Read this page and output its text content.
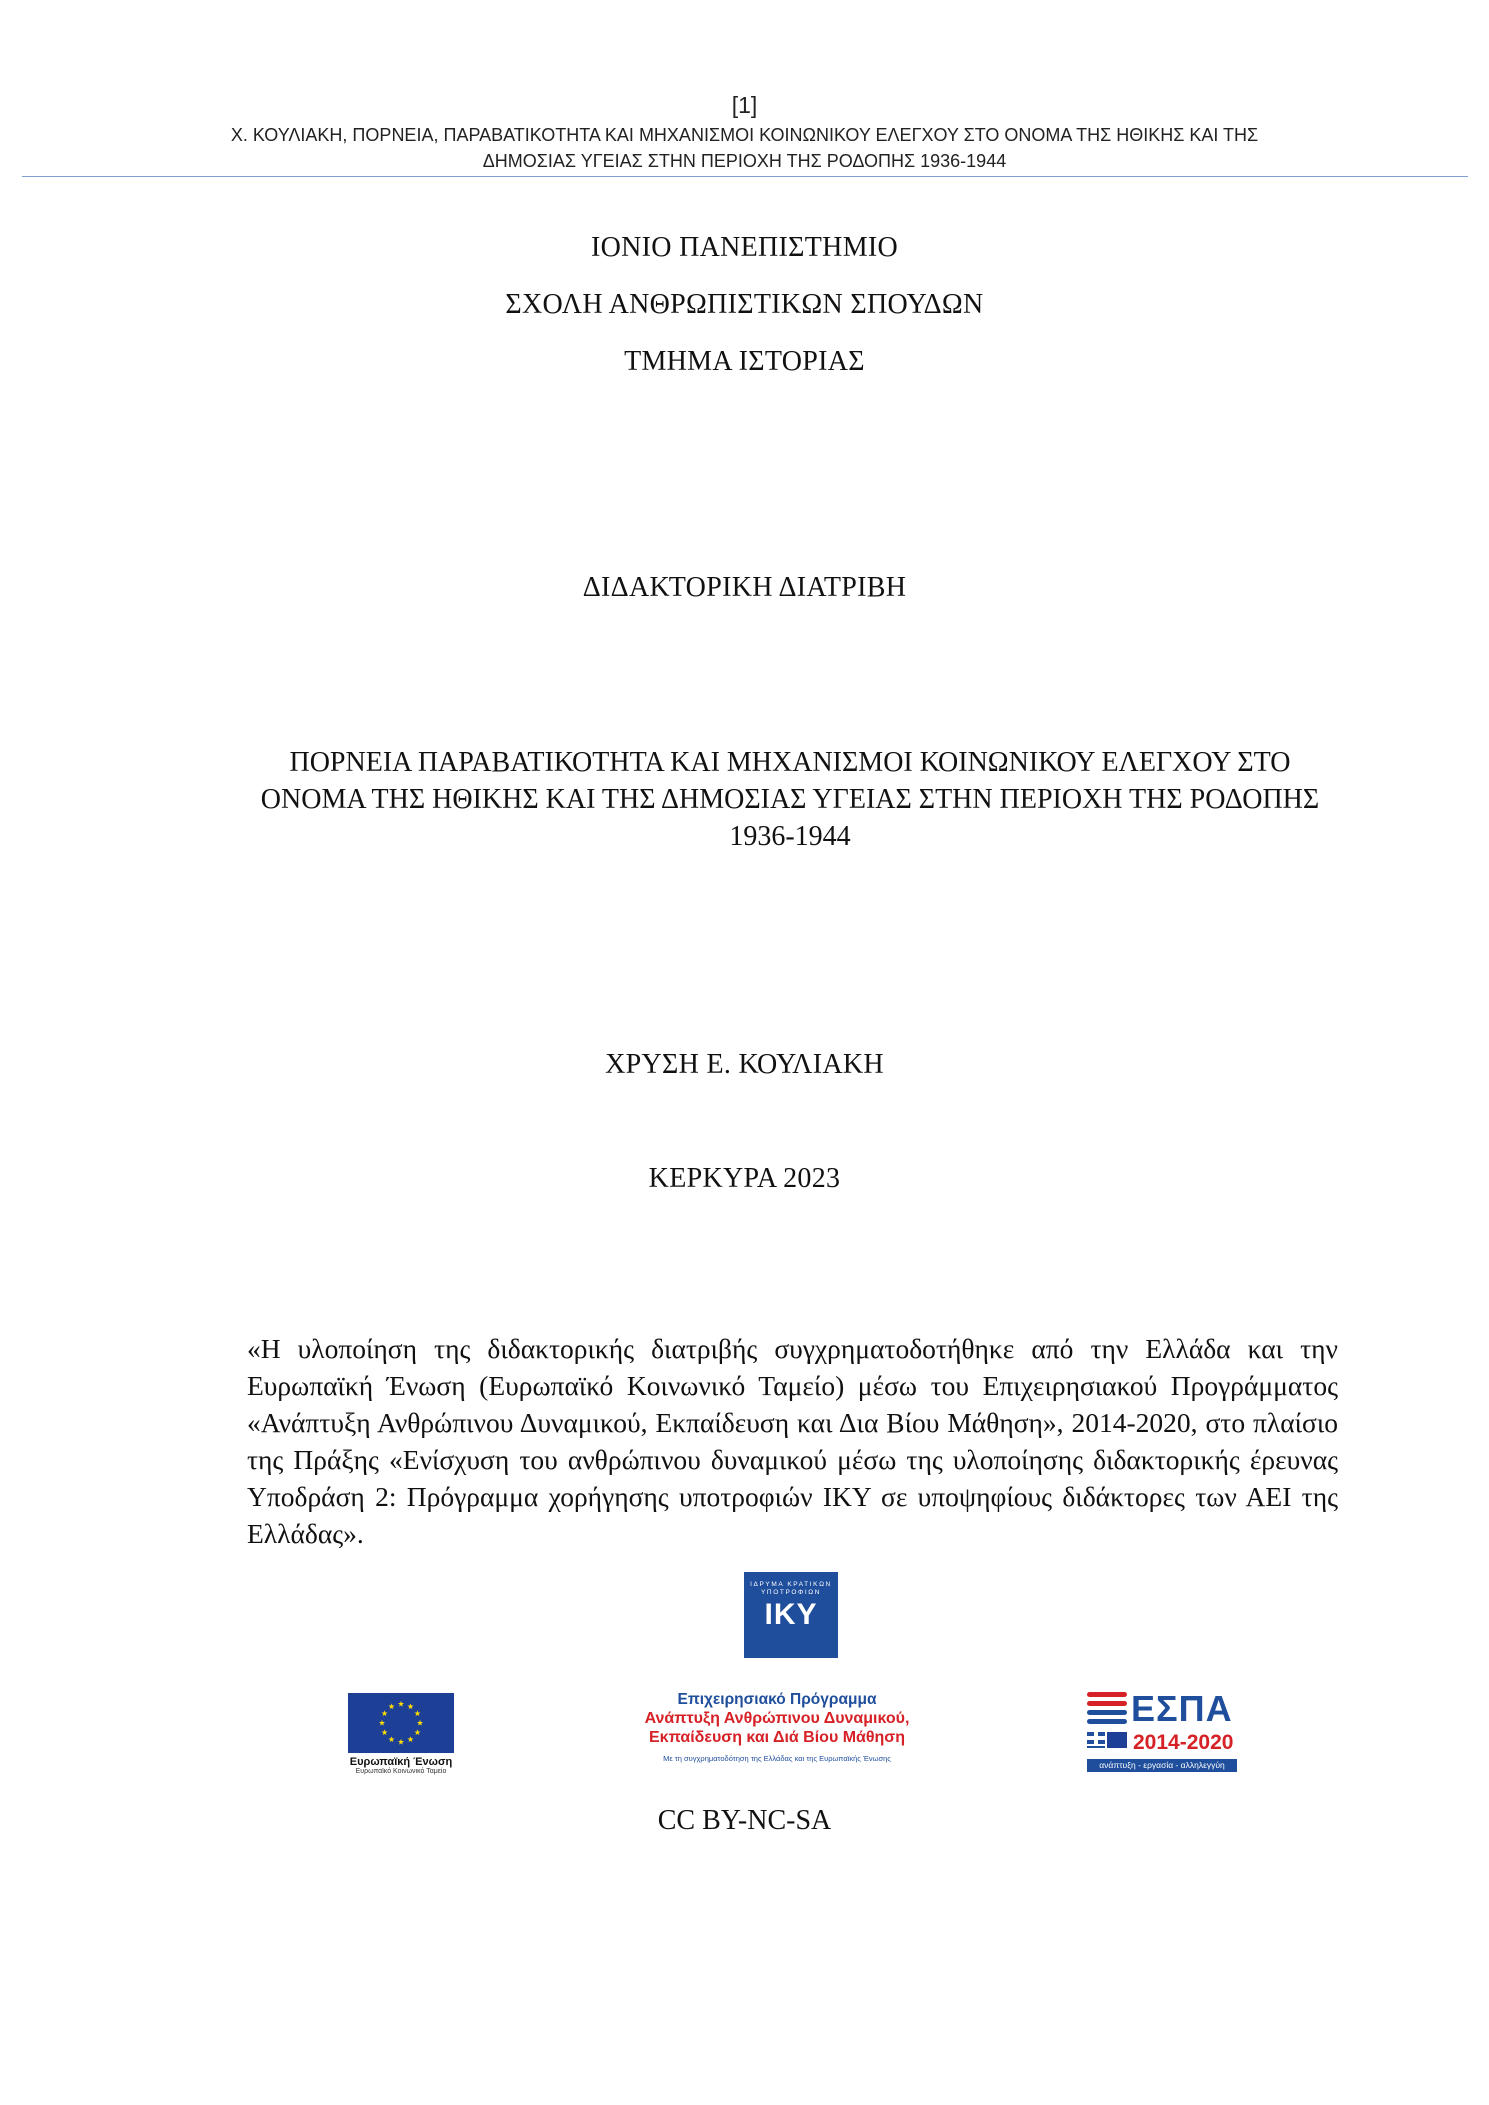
[1]
Χ. ΚΟΥΛΙΑΚΗ, ΠΟΡΝΕΙΑ, ΠΑΡΑΒΑΤΙΚΟΤΗΤΑ ΚΑΙ ΜΗΧΑΝΙΣΜΟΙ ΚΟΙΝΩΝΙΚΟΥ ΕΛΕΓΧΟΥ ΣΤΟ ΟΝΟΜΑ ΤΗΣ ΗΘΙΚΗΣ ΚΑΙ ΤΗΣ
ΔΗΜΟΣΙΑΣ ΥΓΕΙΑΣ ΣΤΗΝ ΠΕΡΙΟΧΗ ΤΗΣ ΡΟΔΟΠΗΣ 1936-1944
ΙΟΝΙΟ ΠΑΝΕΠΙΣΤΗΜΙΟ
ΣΧΟΛΗ ΑΝΘΡΩΠΙΣΤΙΚΩΝ ΣΠΟΥΔΩΝ
ΤΜΗΜΑ ΙΣΤΟΡΙΑΣ
ΔΙΔΑΚΤΟΡΙΚΗ ΔΙΑΤΡΙΒΗ
ΠΟΡΝΕΙΑ ΠΑΡΑΒΑΤΙΚΟΤΗΤΑ ΚΑΙ ΜΗΧΑΝΙΣΜΟΙ ΚΟΙΝΩΝΙΚΟΥ ΕΛΕΓΧΟΥ ΣΤΟ ΟΝΟΜΑ ΤΗΣ ΗΘΙΚΗΣ ΚΑΙ ΤΗΣ ΔΗΜΟΣΙΑΣ ΥΓΕΙΑΣ ΣΤΗΝ ΠΕΡΙΟΧΗ ΤΗΣ ΡΟΔΟΠΗΣ 1936-1944
ΧΡΥΣΗ Ε. ΚΟΥΛΙΑΚΗ
ΚΕΡΚΥΡΑ 2023
«Η υλοποίηση της διδακτορικής διατριβής συγχρηματοδοτήθηκε από την Ελλάδα και την Ευρωπαϊκή Ένωση (Ευρωπαϊκό Κοινωνικό Ταμείο) μέσω του Επιχειρησιακού Προγράμματος «Ανάπτυξη Ανθρώπινου Δυναμικού, Εκπαίδευση και Δια Βίου Μάθηση», 2014-2020, στο πλαίσιο της Πράξης «Ενίσχυση του ανθρώπινου δυναμικού μέσω της υλοποίησης διδακτορικής έρευνας Υποδράση 2: Πρόγραμμα χορήγησης υποτροφιών ΙΚΥ σε υποψηφίους διδάκτορες των ΑΕΙ της Ελλάδας».
ΙΔΡΥΜΑ ΚΡΑΤΙΚΩΝ ΥΠΟΤΡΟΦΙΩΝ
ΙΚΥ
Ευρωπαϊκή Ένωση
Ευρωπαϊκό Κοινωνικό Ταμείο
Επιχειρησιακό Πρόγραμμα
Ανάπτυξη Ανθρώπινου Δυναμικού,
Εκπαίδευση και Διά Βίου Μάθηση
Με τη συγχρηματοδότηση της Ελλάδας και της Ευρωπαϊκής Ένωσης
ΕΣΠΑ
2014-2020
ανάπτυξη - εργασία - αλληλεγγύη
CC BY-NC-SA
